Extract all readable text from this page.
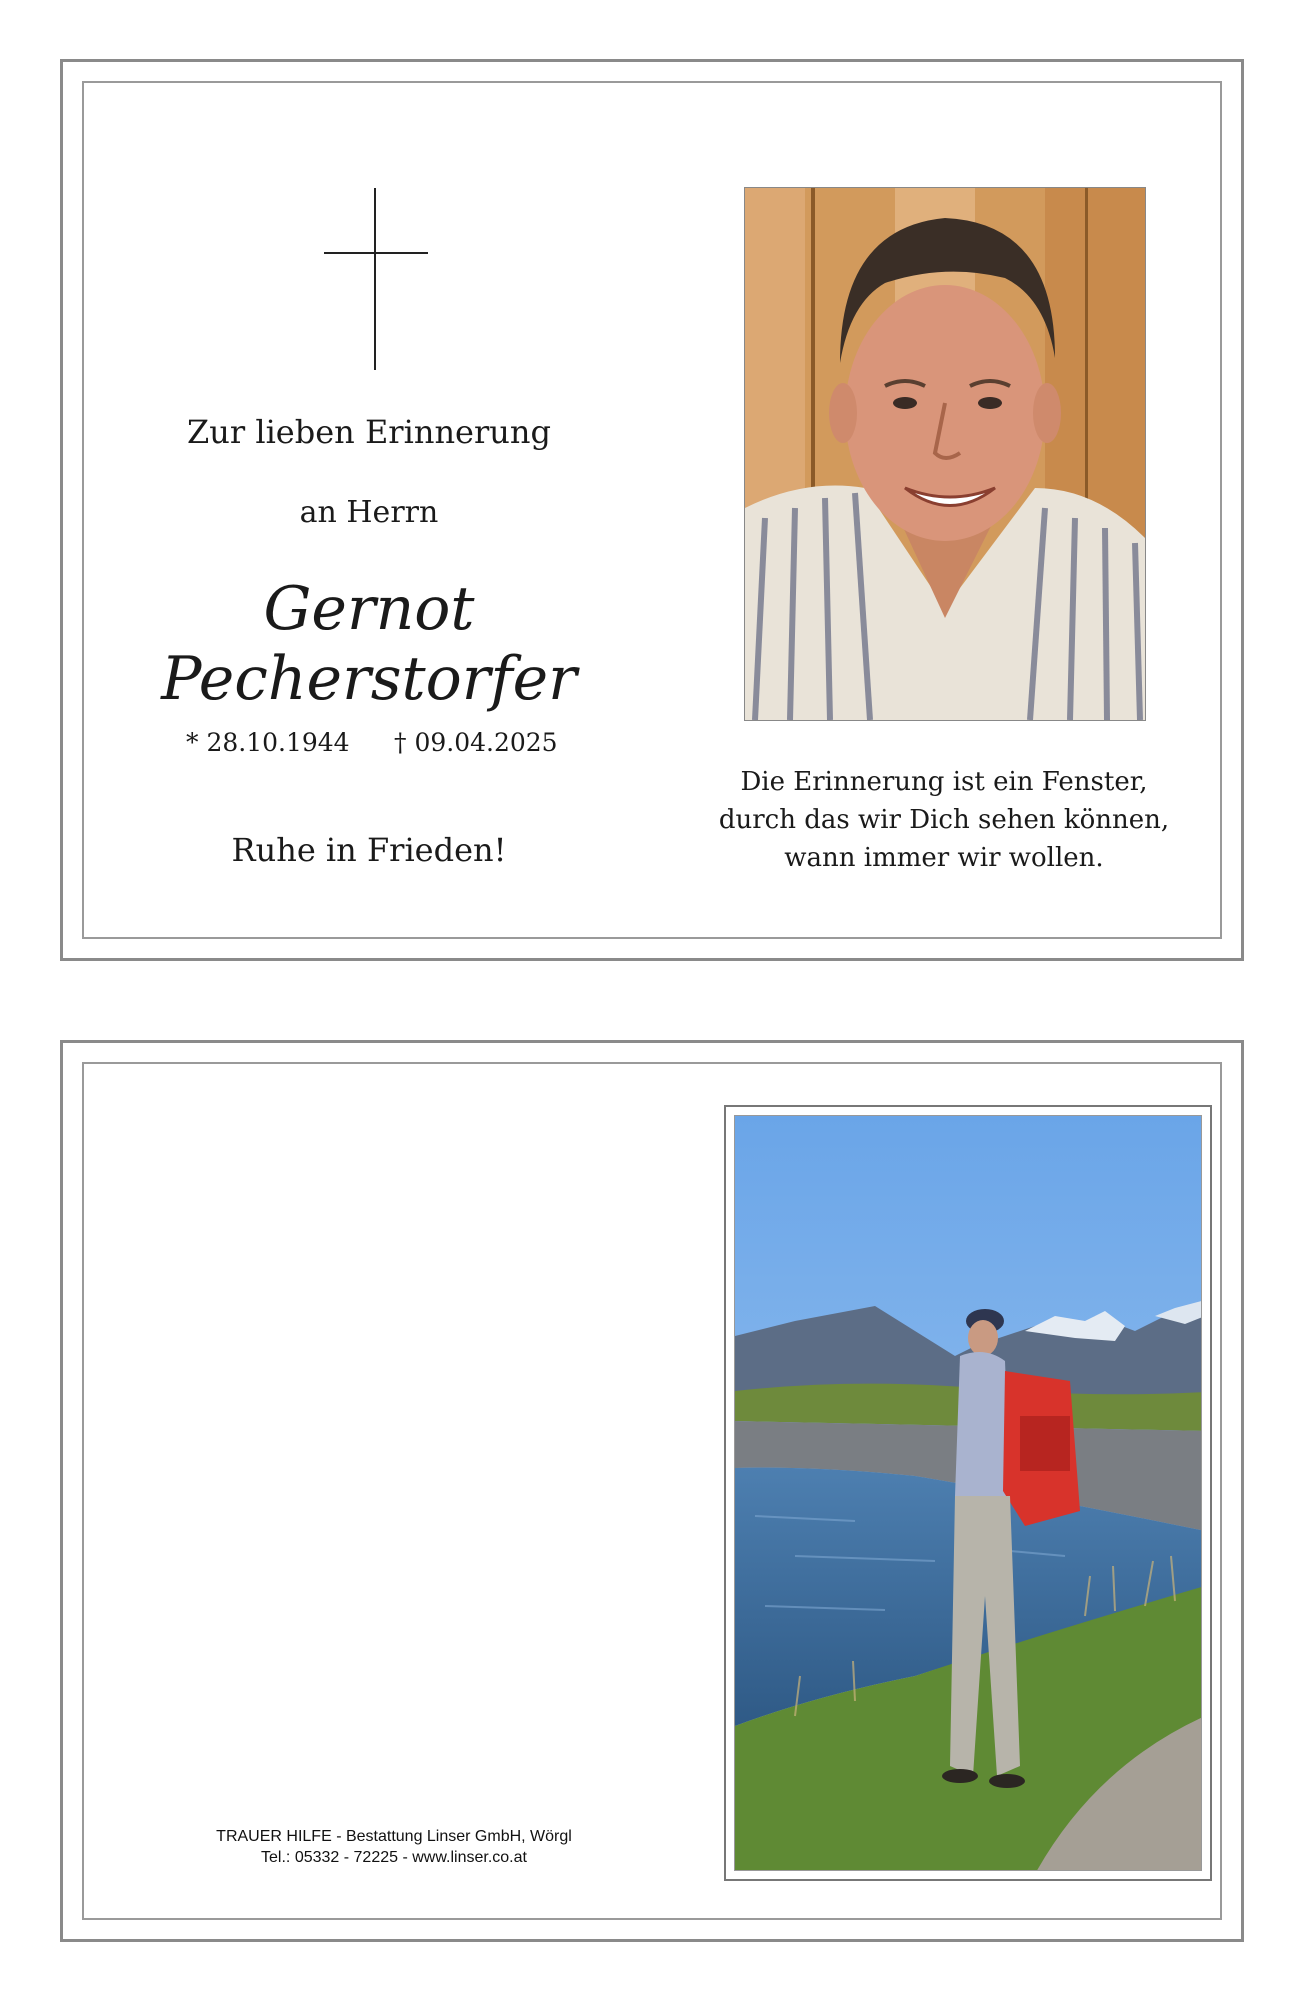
Zur lieben Erinnerung
an Herrn
Gernot
Pecherstorfer
* 28.10.1944 † 09.04.2025
Ruhe in Frieden!
Die Erinnerung ist ein Fenster,
durch das wir Dich sehen können,
wann immer wir wollen.
TRAUER HILFE - Bestattung Linser GmbH, Wörgl
Tel.: 05332 - 72225 - www.linser.co.at
